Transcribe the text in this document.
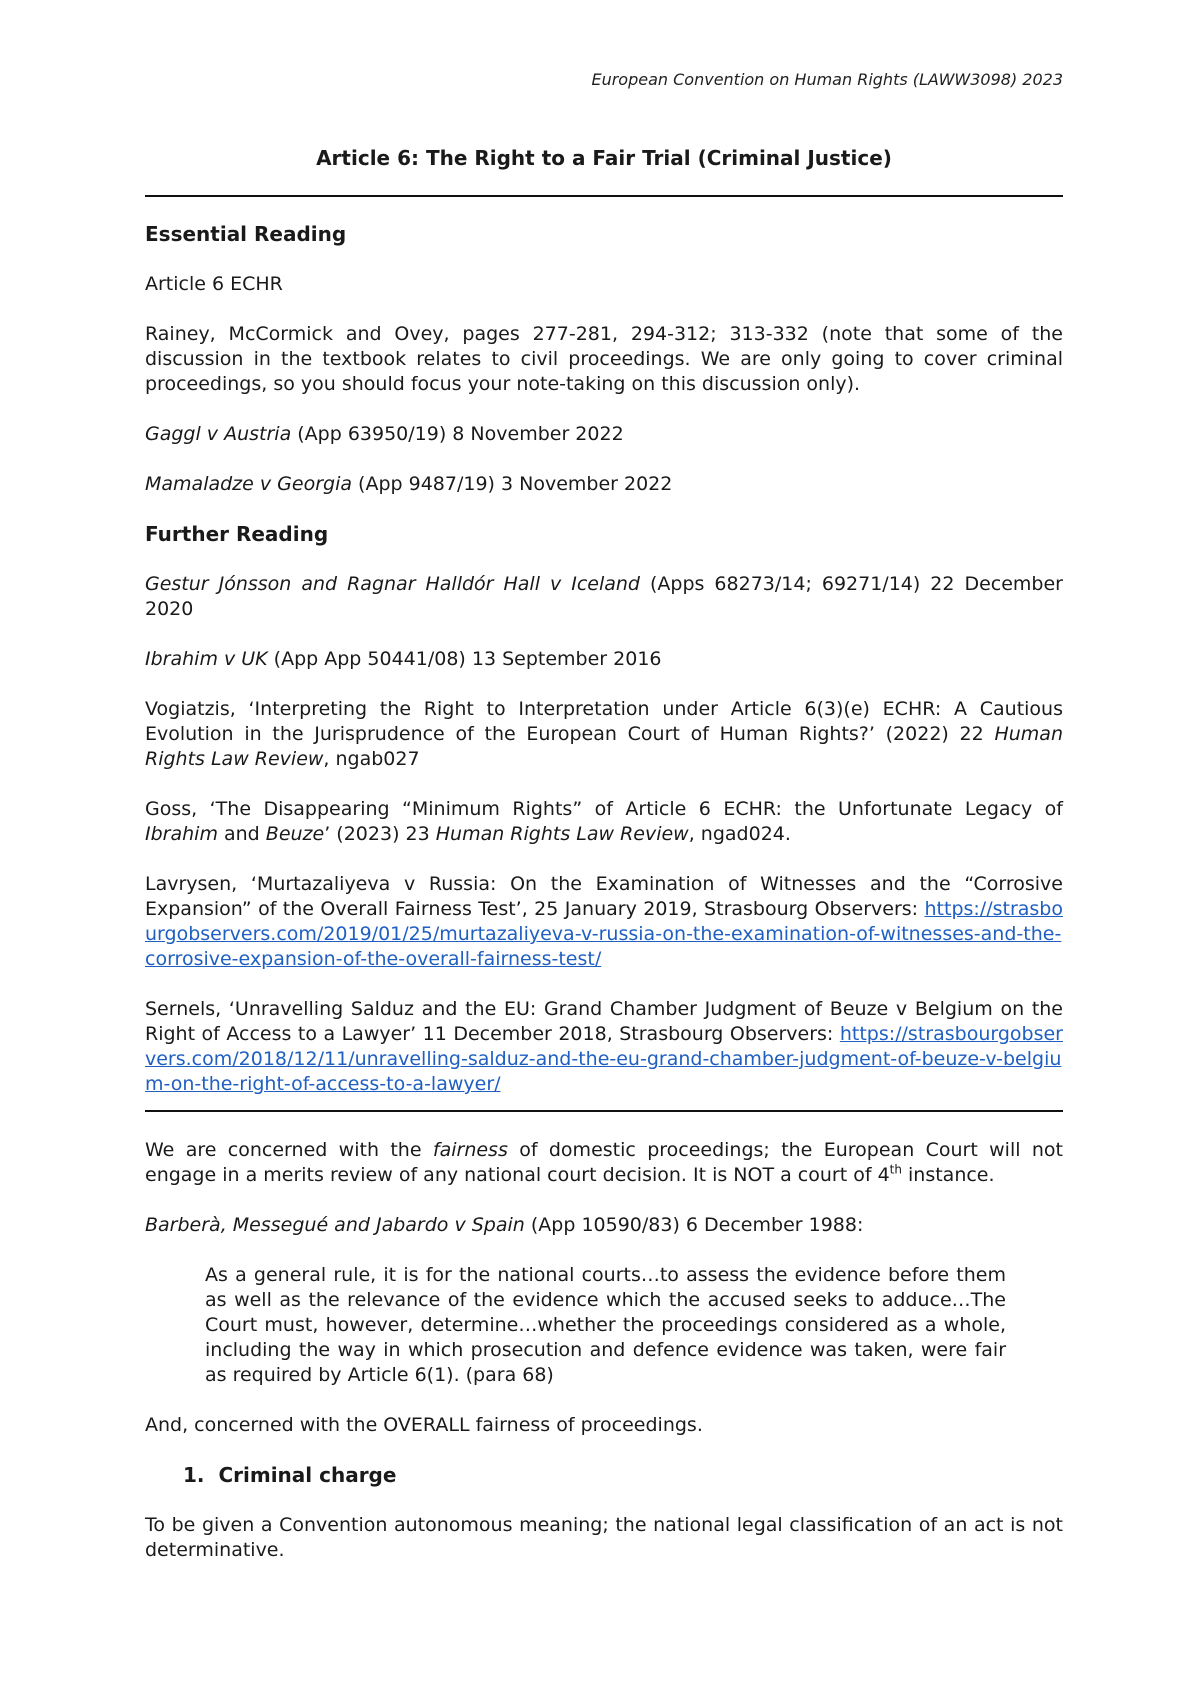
European Convention on Human Rights (LAWW3098) 2023
Article 6: The Right to a Fair Trial (Criminal Justice)
Essential Reading

Article 6 ECHR

Rainey, McCormick and Ovey, pages 277-281, 294-312; 313-332 (note that some of the discussion in the textbook relates to civil proceedings. We are only going to cover criminal proceedings, so you should focus your note-taking on this discussion only).

Gaggl v Austria (App 63950/19) 8 November 2022

Mamaladze v Georgia (App 9487/19) 3 November 2022

Further Reading

Gestur Jónsson and Ragnar Halldór Hall v Iceland (Apps 68273/14; 69271/14) 22 December 2020

Ibrahim v UK (App App 50441/08) 13 September 2016

Vogiatzis, ‘Interpreting the Right to Interpretation under Article 6(3)(e) ECHR: A Cautious Evolution in the Jurisprudence of the European Court of Human Rights?’ (2022) 22 Human Rights Law Review, ngab027

Goss, ‘The Disappearing “Minimum Rights” of Article 6 ECHR: the Unfortunate Legacy of Ibrahim and Beuze’ (2023) 23 Human Rights Law Review, ngad024.

Lavrysen, ‘Murtazaliyeva v Russia: On the Examination of Witnesses and the “Corrosive Expansion” of the Overall Fairness Test’, 25 January 2019, Strasbourg Observers: https://strasbourgobservers.com/2019/01/25/murtazaliyeva-v-russia-on-the-examination-of-witnesses-and-the-corrosive-expansion-of-the-overall-fairness-test/

Sernels, ‘Unravelling Salduz and the EU: Grand Chamber Judgment of Beuze v Belgium on the Right of Access to a Lawyer’ 11 December 2018, Strasbourg Observers: https://strasbourgobservers.com/2018/12/11/unravelling-salduz-and-the-eu-grand-chamber-judgment-of-beuze-v-belgium-on-the-right-of-access-to-a-lawyer/

We are concerned with the fairness of domestic proceedings; the European Court will not engage in a merits review of any national court decision. It is NOT a court of 4th instance.

Barberà, Messegué and Jabardo v Spain (App 10590/83) 6 December 1988:

As a general rule, it is for the national courts…to assess the evidence before them as well as the relevance of the evidence which the accused seeks to adduce…The Court must, however, determine…whether the proceedings considered as a whole, including the way in which prosecution and defence evidence was taken, were fair as required by Article 6(1). (para 68)

And, concerned with the OVERALL fairness of proceedings.

1. Criminal charge

To be given a Convention autonomous meaning; the national legal classification of an act is not determinative.
